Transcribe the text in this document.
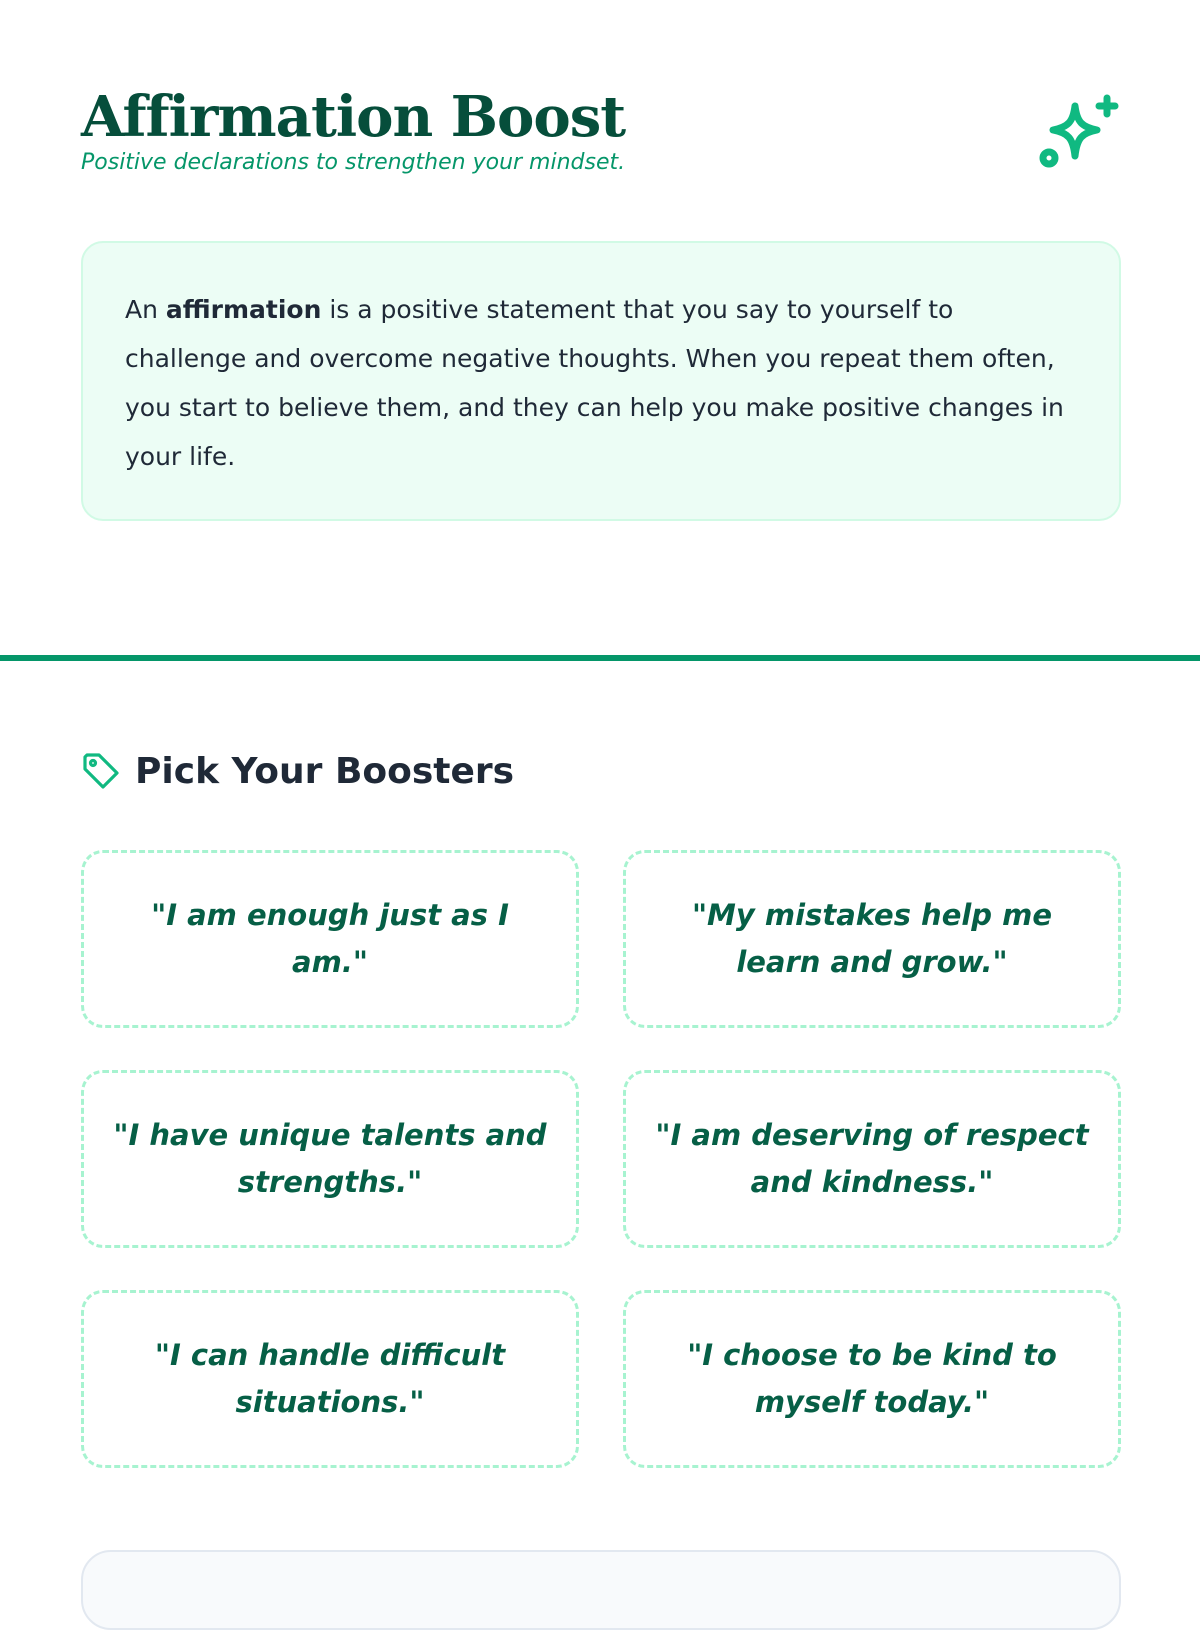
Affirmation Boost

Positive declarations to strengthen your mindset.

An affirmation is a positive statement that you say to yourself to challenge and overcome negative thoughts. When you repeat them often, you start to believe them, and they can help you make positive changes in your life.

Pick Your Boosters
"I am enough just as I am."
"My mistakes help me learn and grow."
"I have unique talents and strengths."
"I am deserving of respect and kindness."
"I can handle difficult situations."
"I choose to be kind to myself today."
